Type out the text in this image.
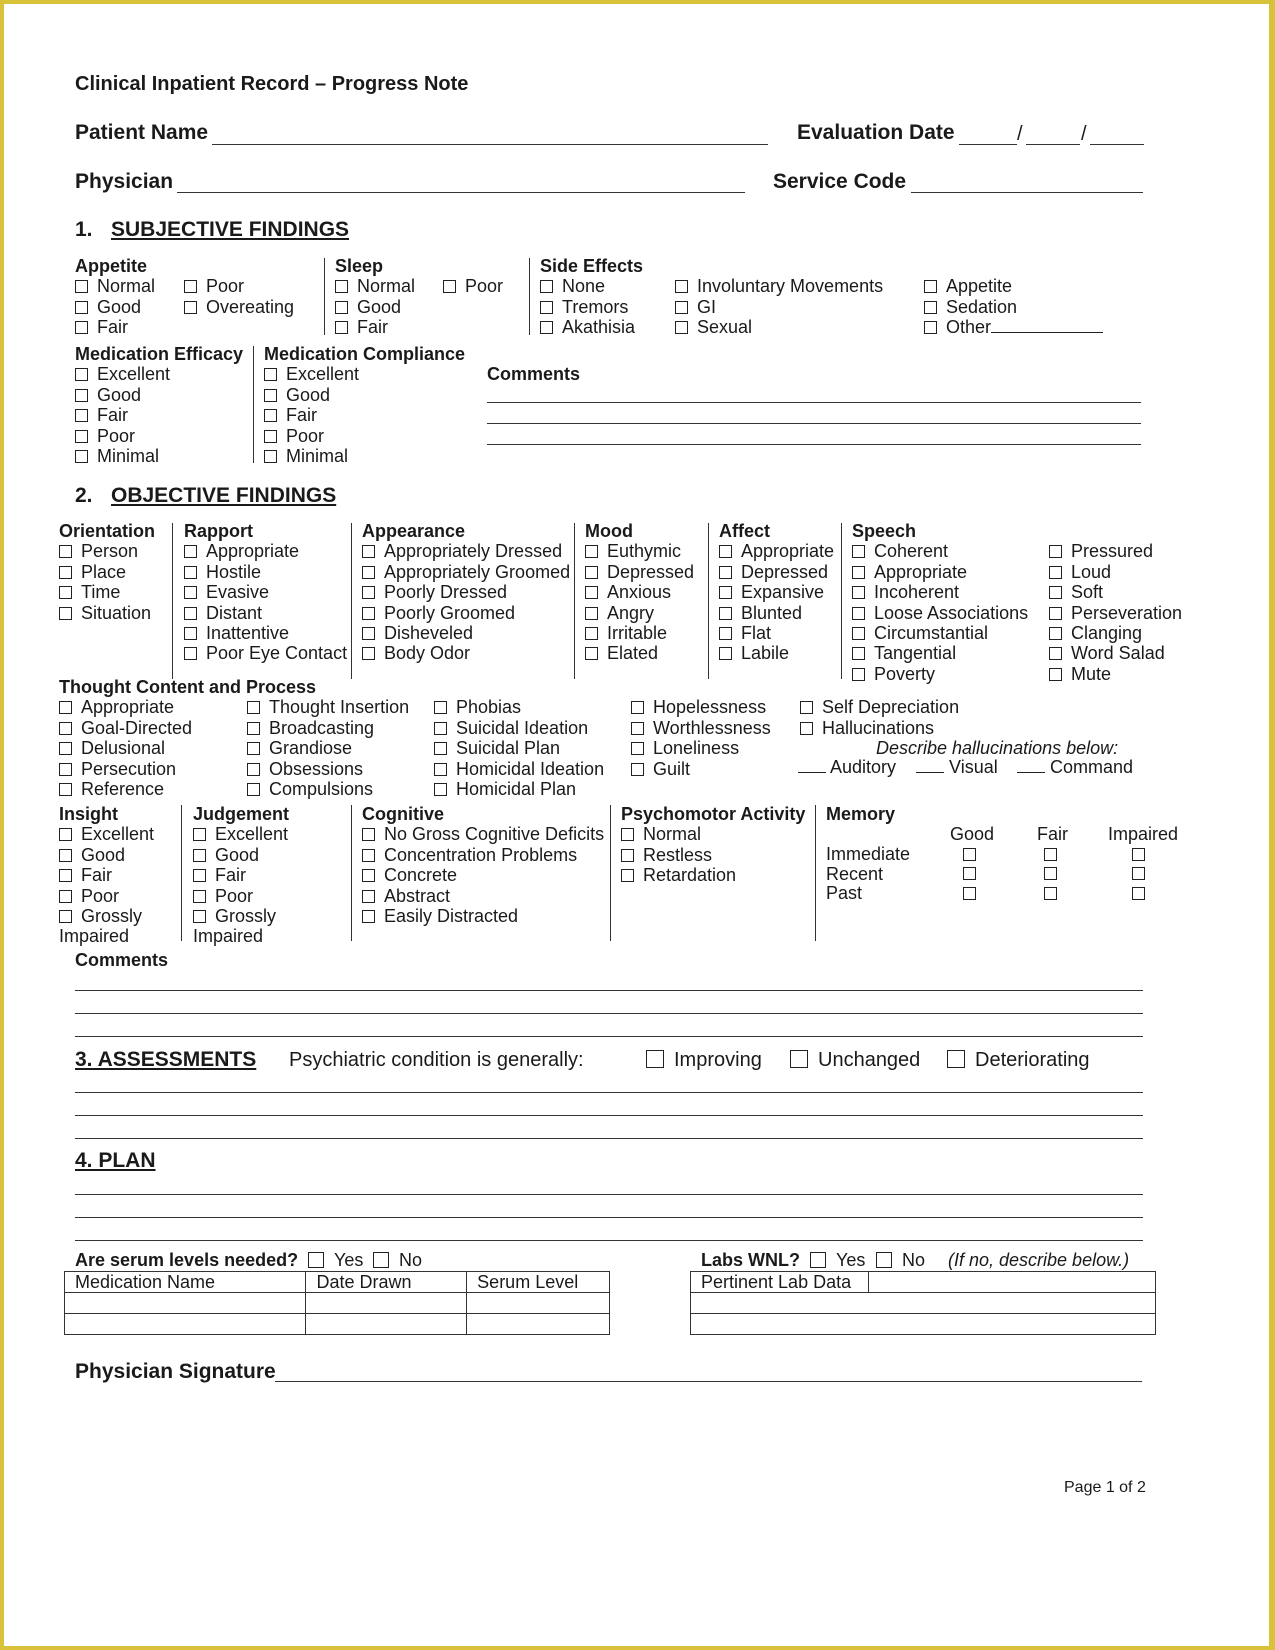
Clinical Inpatient Record – Progress Note
Patient Name	Evaluation Date	/	/
Physician	Service Code
1. SUBJECTIVE FINDINGS
Appetite
Normal
Good
Fair
Poor
Overeating
Sleep
Normal
Good
Fair
Poor
Side Effects
None
Tremors
Akathisia
Involuntary Movements
GI
Sexual
Appetite
Sedation
Other
Medication Efficacy
Excellent
Good
Fair
Poor
Minimal
Medication Compliance
Excellent
Good
Fair
Poor
Minimal
Comments
2. OBJECTIVE FINDINGS
Orientation
Person
Place
Time
Situation
Rapport
Appropriate
Hostile
Evasive
Distant
Inattentive
Poor Eye Contact
Appearance
Appropriately Dressed
Appropriately Groomed
Poorly Dressed
Poorly Groomed
Disheveled
Body Odor
Mood
Euthymic
Depressed
Anxious
Angry
Irritable
Elated
Affect
Appropriate
Depressed
Expansive
Blunted
Flat
Labile
Speech
Coherent
Appropriate
Incoherent
Loose Associations
Circumstantial
Tangential
Poverty
Pressured
Loud
Soft
Perseveration
Clanging
Word Salad
Mute
Thought Content and Process
Appropriate
Goal-Directed
Delusional
Persecution
Reference
Thought Insertion
Broadcasting
Grandiose
Obsessions
Compulsions
Phobias
Suicidal Ideation
Suicidal Plan
Homicidal Ideation
Homicidal Plan
Hopelessness
Worthlessness
Loneliness
Guilt
Self Depreciation
Hallucinations
Describe hallucinations below:
Auditory	Visual	Command
Insight
Excellent
Good
Fair
Poor
Grossly
Impaired
Judgement
Excellent
Good
Fair
Poor
Grossly
Impaired
Cognitive
No Gross Cognitive Deficits
Concentration Problems
Concrete
Abstract
Easily Distracted
Psychomotor Activity
Normal
Restless
Retardation
Memory
Good Fair Impaired
Immediate
Recent
Past
Comments
3. ASSESSMENTS Psychiatric condition is generally:	Improving	Unchanged	Deteriorating
4. PLAN
Are serum levels needed?	Yes	No
Medication Name	Date Drawn	Serum Level

Labs WNL?	Yes	No (If no, describe below.)
Pertinent Lab Data	

Physician Signature
Page 1 of 2
